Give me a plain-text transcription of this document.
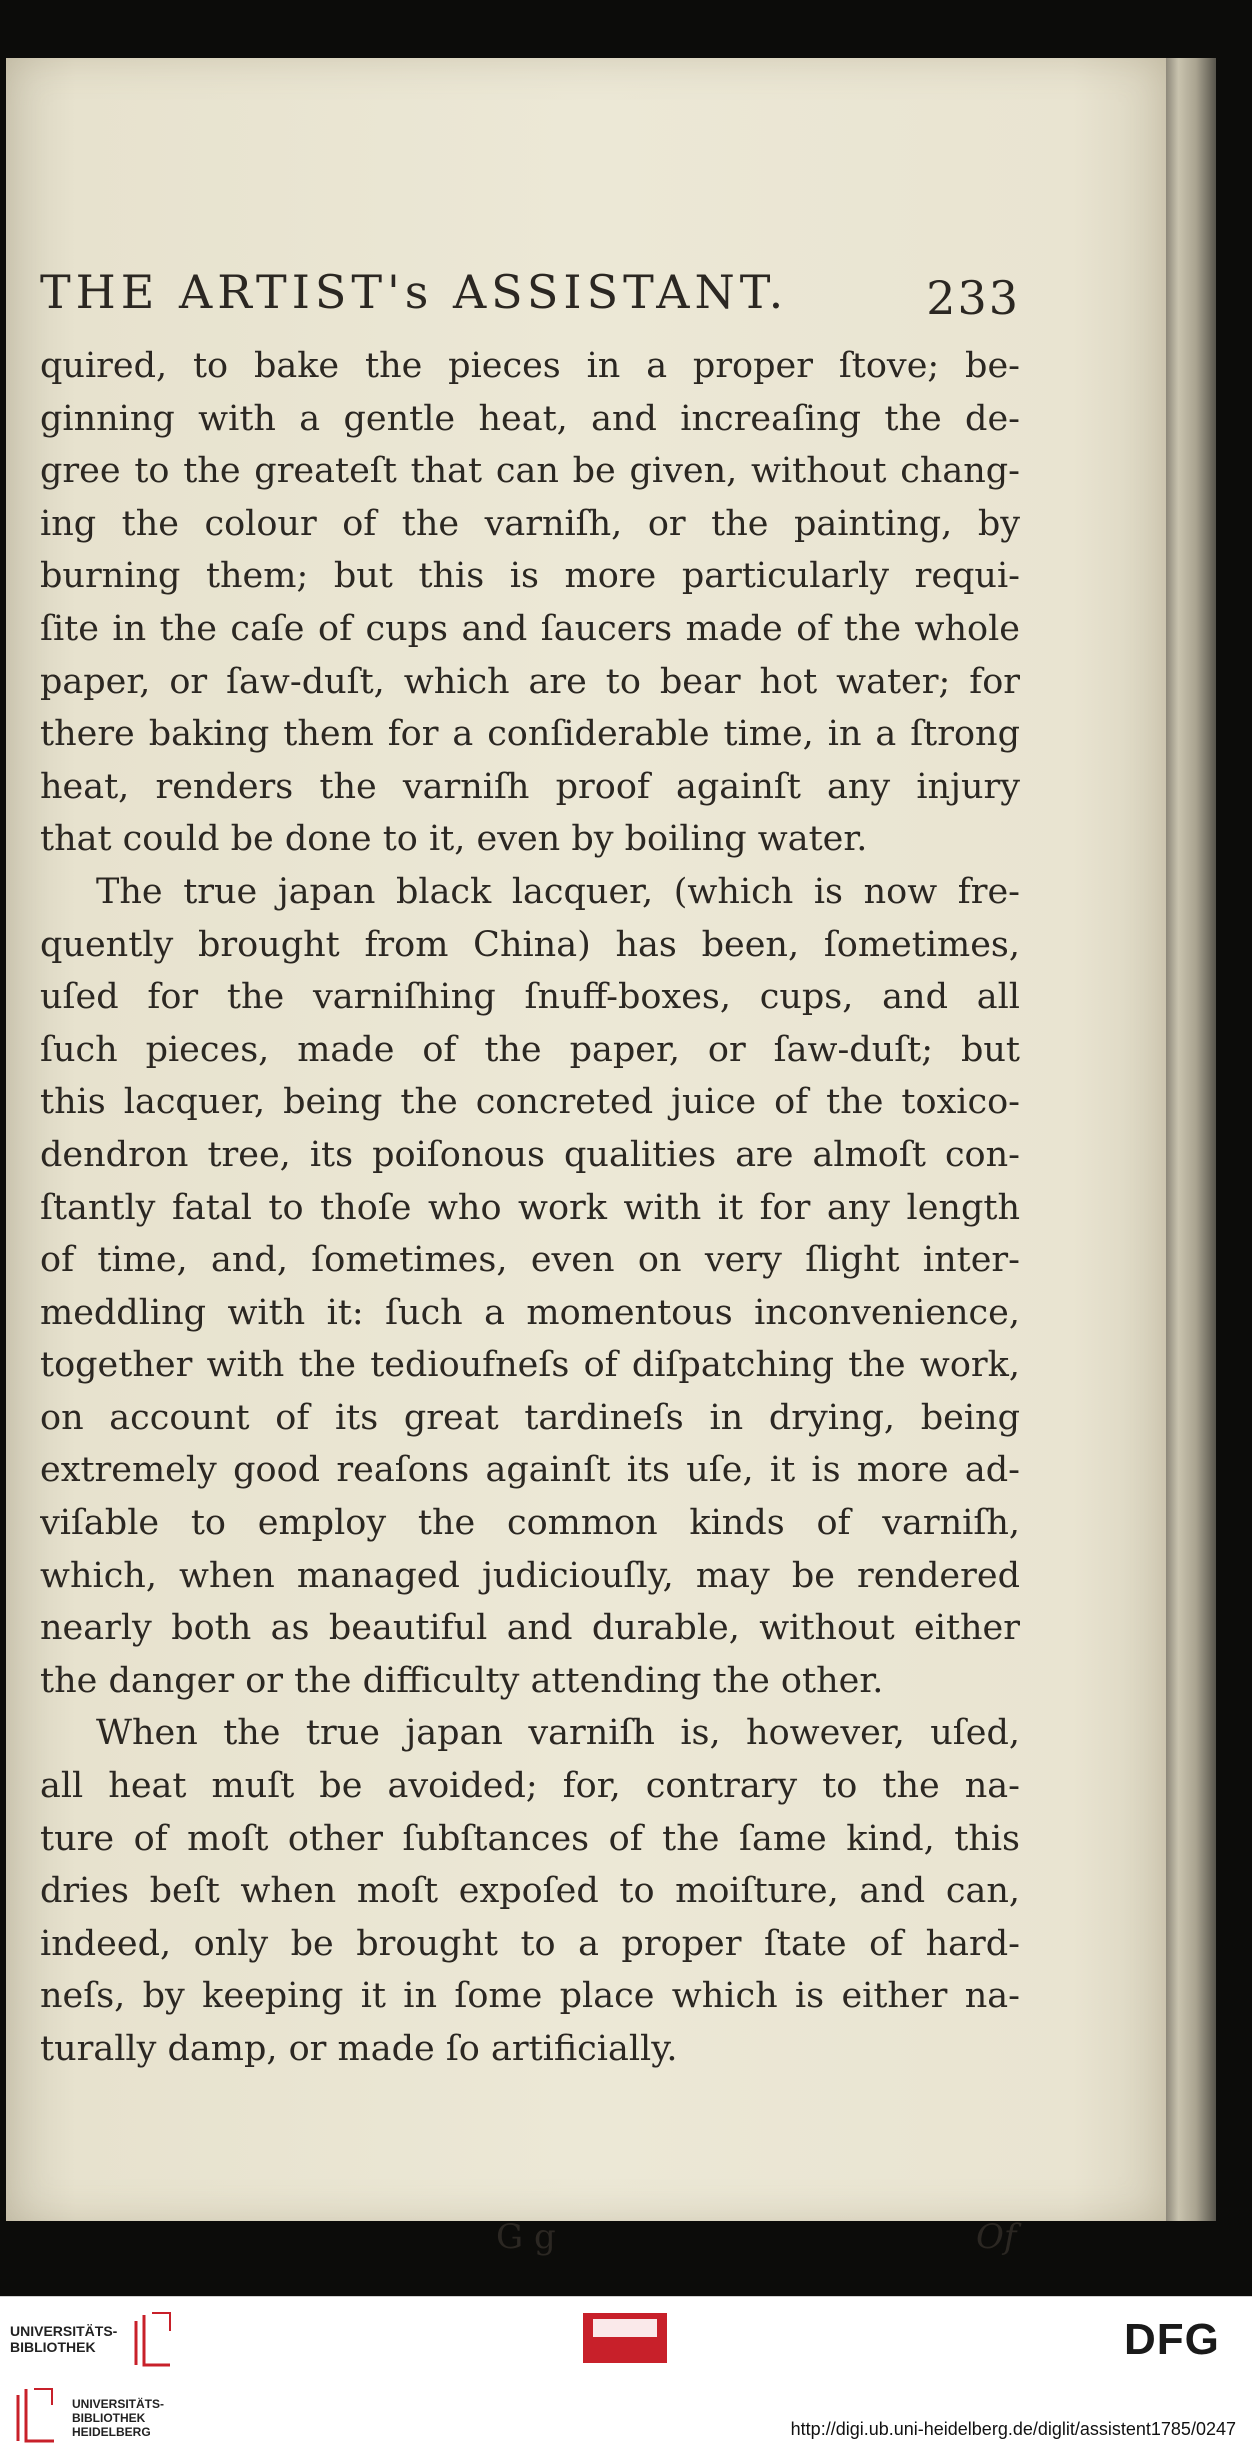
THE ARTIST's ASSISTANT.	233
quired, to bake the pieces in a proper ſtove; be-
ginning with a gentle heat, and increaſing the de-
gree to the greateſt that can be given, without chang-
ing the colour of the varniſh, or the painting, by
burning them; but this is more particularly requi-
ſite in the caſe of cups and ſaucers made of the whole
paper, or ſaw-duſt, which are to bear hot water; for
there baking them for a conſiderable time, in a ſtrong
heat, renders the varniſh proof againſt any injury
that could be done to it, even by boiling water.
The true japan black lacquer, (which is now fre-
quently brought from China) has been, ſometimes,
uſed for the varniſhing ſnuff-boxes, cups, and all
ſuch pieces, made of the paper, or ſaw-duſt; but
this lacquer, being the concreted juice of the toxico-
dendron tree, its poiſonous qualities are almoſt con-
ſtantly fatal to thoſe who work with it for any length
of time, and, ſometimes, even on very ſlight inter-
meddling with it: ſuch a momentous inconvenience,
together with the tedioufneſs of diſpatching the work,
on account of its great tardineſs in drying, being
extremely good reaſons againſt its uſe, it is more ad-
viſable to employ the common kinds of varniſh,
which, when managed judiciouſly, may be rendered
nearly both as beautiful and durable, without either
the danger or the difficulty attending the other.
When the true japan varniſh is, however, uſed,
all heat muſt be avoided; for, contrary to the na-
ture of moſt other ſubſtances of the ſame kind, this
dries beſt when moſt expoſed to moiſture, and can,
indeed, only be brought to a proper ſtate of hard-
neſs, by keeping it in ſome place which is either na-
turally damp, or made ſo artificially.
G g	Of
UNIVERSITÄTS-
BIBLIOTHEK	DFG
UNIVERSITÄTS-
BIBLIOTHEK
HEIDELBERG	http://digi.ub.uni-heidelberg.de/diglit/assistent1785/0247
